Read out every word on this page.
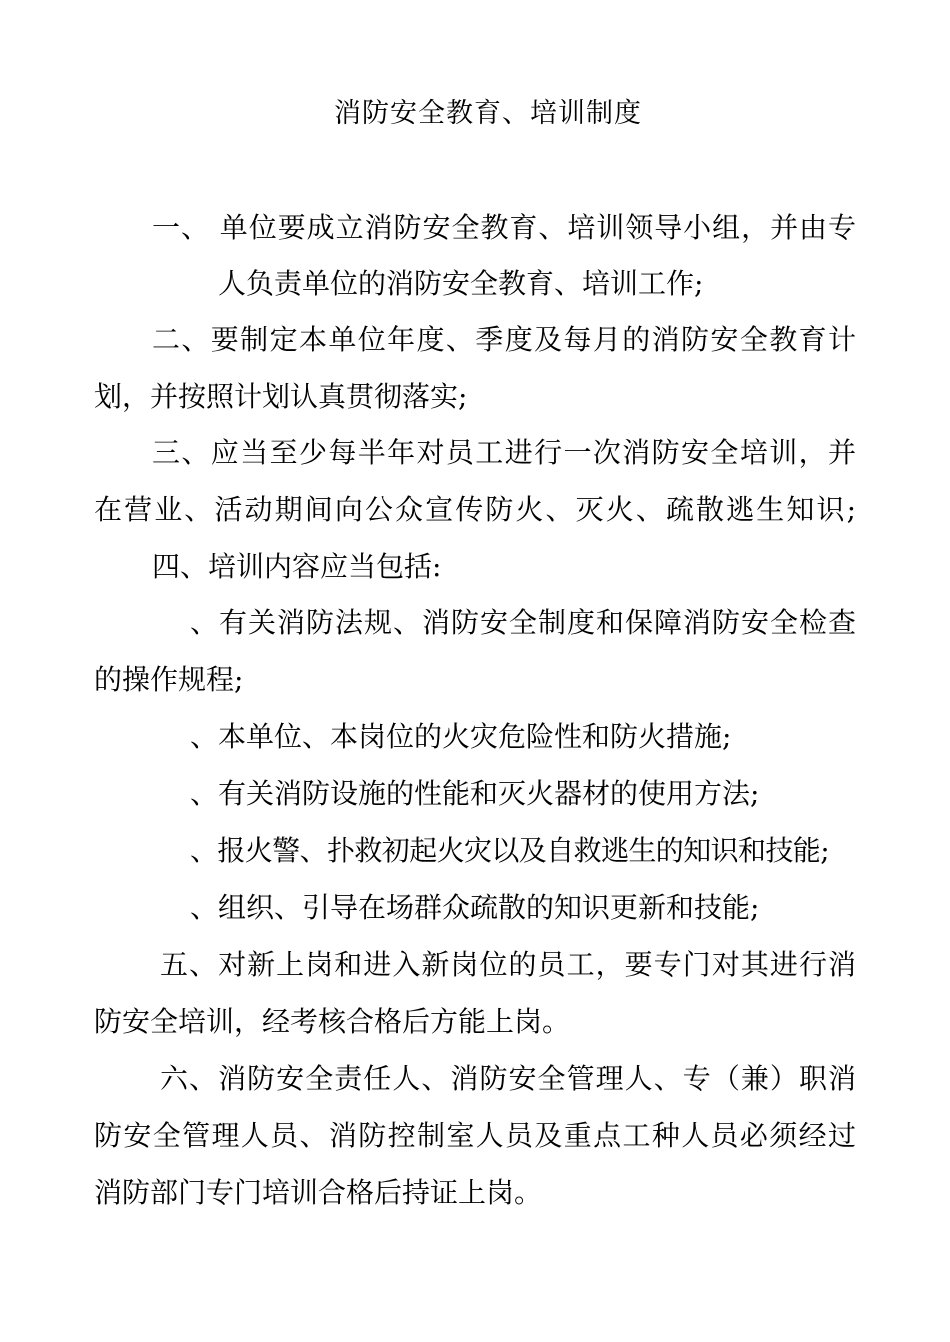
消防安全教育、培训制度
一、 单位要成立消防安全教育、培训领导小组，并由专
人负责单位的消防安全教育、培训工作;
二、要制定本单位年度、季度及每月的消防安全教育计
划，并按照计划认真贯彻落实;
三、应当至少每半年对员工进行一次消防安全培训，并
在营业、活动期间向公众宣传防火、灭火、疏散逃生知识;
四、培训内容应当包括:
、有关消防法规、消防安全制度和保障消防安全检查
的操作规程;
、本单位、本岗位的火灾危险性和防火措施;
、有关消防设施的性能和灭火器材的使用方法;
、报火警、扑救初起火灾以及自救逃生的知识和技能;
、组织、引导在场群众疏散的知识更新和技能;
五、对新上岗和进入新岗位的员工，要专门对其进行消
防安全培训，经考核合格后方能上岗。
六、消防安全责任人、消防安全管理人、专（兼）职消
防安全管理人员、消防控制室人员及重点工种人员必须经过
消防部门专门培训合格后持证上岗。
